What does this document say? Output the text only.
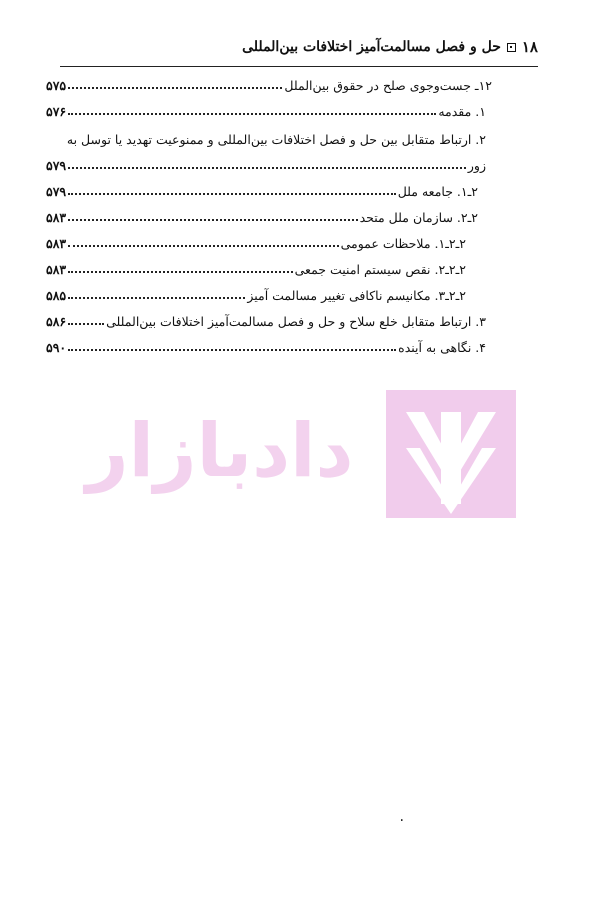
۱۸
حل و فصل مسالمت‌آمیز اختلافات بین‌المللی
۱۲ـ جست‌وجوی صلح در حقوق بین‌الملل
۵۷۵
۱. مقدمه
۵۷۶
۲. ارتباط متقابل بین حل و فصل اختلافات بین‌المللی و ممنوعیت تهدید یا توسل به
زور
۵۷۹
۲ـ۱. جامعه ملل
۵۷۹
۲ـ۲. سازمان ملل متحد
۵۸۳
۲ـ۲ـ۱. ملاحظات عمومی
۵۸۳
۲ـ۲ـ۲. نقص سیستم امنیت جمعی
۵۸۳
۲ـ۲ـ۳. مکانیسم ناکافی تغییر مسالمت آمیز
۵۸۵
۳. ارتباط متقابل خلع سلاح و حل و فصل مسالمت‌آمیز اختلافات بین‌المللی
۵۸۶
۴. نگاهی به آینده
۵۹۰
دادبازار
۰
